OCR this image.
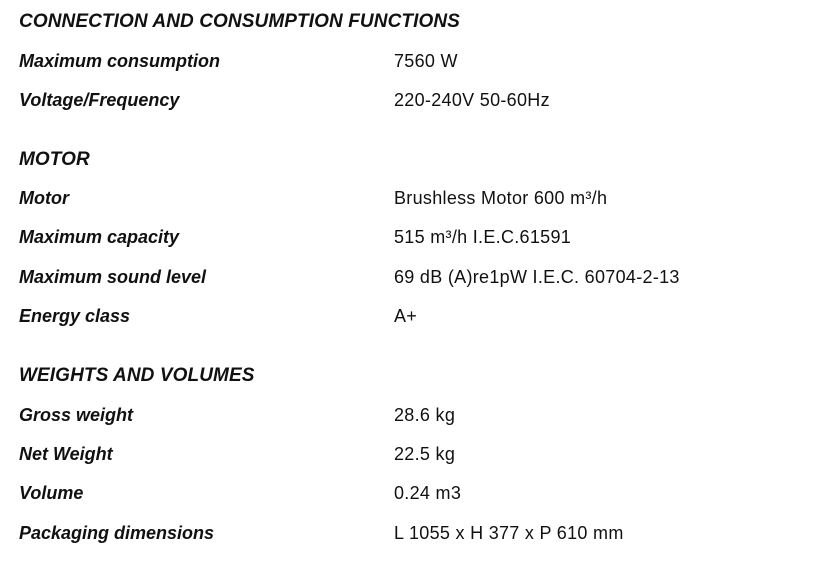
CONNECTION AND CONSUMPTION FUNCTIONS
Maximum consumption	7560 W
Voltage/Frequency	220-240V 50-60Hz
MOTOR
Motor	Brushless Motor 600 m³/h
Maximum capacity	515 m³/h I.E.C.61591
Maximum sound level	69 dB (A)re1pW I.E.C. 60704-2-13
Energy class	A+
WEIGHTS AND VOLUMES
Gross weight	28.6 kg
Net Weight	22.5 kg
Volume	0.24 m3
Packaging dimensions	L 1055 x H 377 x P 610 mm
